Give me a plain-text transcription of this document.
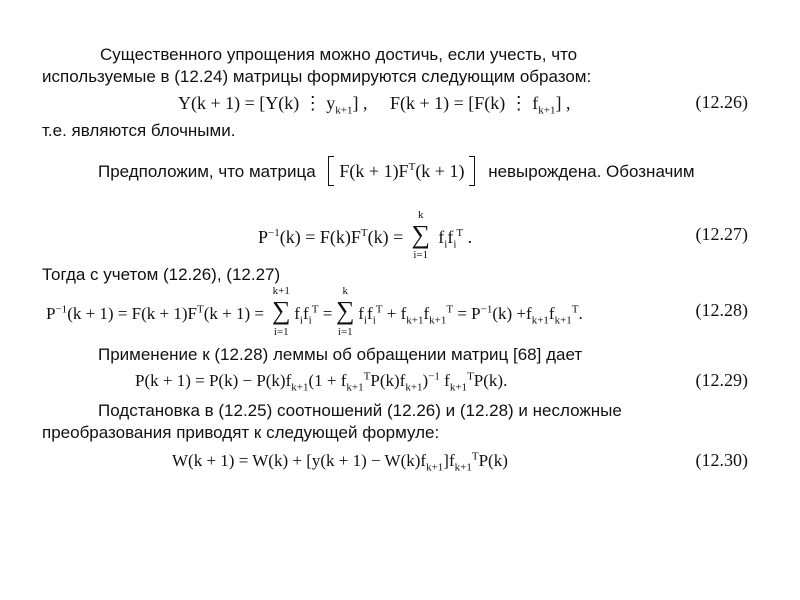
Существенного упрощения можно достичь, если учесть, что
используемые в (12.24) матрицы формируются следующим образом:
Y(k + 1) = [Y(k) ⋮ $y_{k+1}$] , F(k + 1) = [F(k) ⋮ $f_{k+1}$] ,	(12.26)
т.е. являются блочными.
Предположим, что матрица $F(k + 1)F^T(k + 1)$ невырождена. Обозначим
$P^{-1}(k) = F(k)F^T(k)$ =
k
∑
i=1
$f_if_i^T$ .	(12.27)
Тогда с учетом (12.26), (12.27)
$P^{-1}(k + 1) = F(k + 1)F^T(k + 1)$ =
k+1
∑
i=1
$f_if_i^T$ =
k
∑
i=1
$f_if_i^T + f_{k+1}f_{k+1}^T = P^{-1}(k) +f_{k+1}f_{k+1}^T$.	(12.28)
Применение к (12.28) леммы об обращении матриц [68] дает
$P(k + 1) = P(k) - P(k)f_{k+1}(1 + f_{k+1}^TP(k)f_{k+1})^{-1}$ $f_{k+1}^TP(k)$.	(12.29)
Подстановка в (12.25) соотношений (12.26) и (12.28) и несложные
преобразования приводят к следующей формуле:
$W(k + 1) = W(k) + [y(k + 1) - W(k)f_{k+1}]f_{k+1}^TP(k)$	(12.30)
